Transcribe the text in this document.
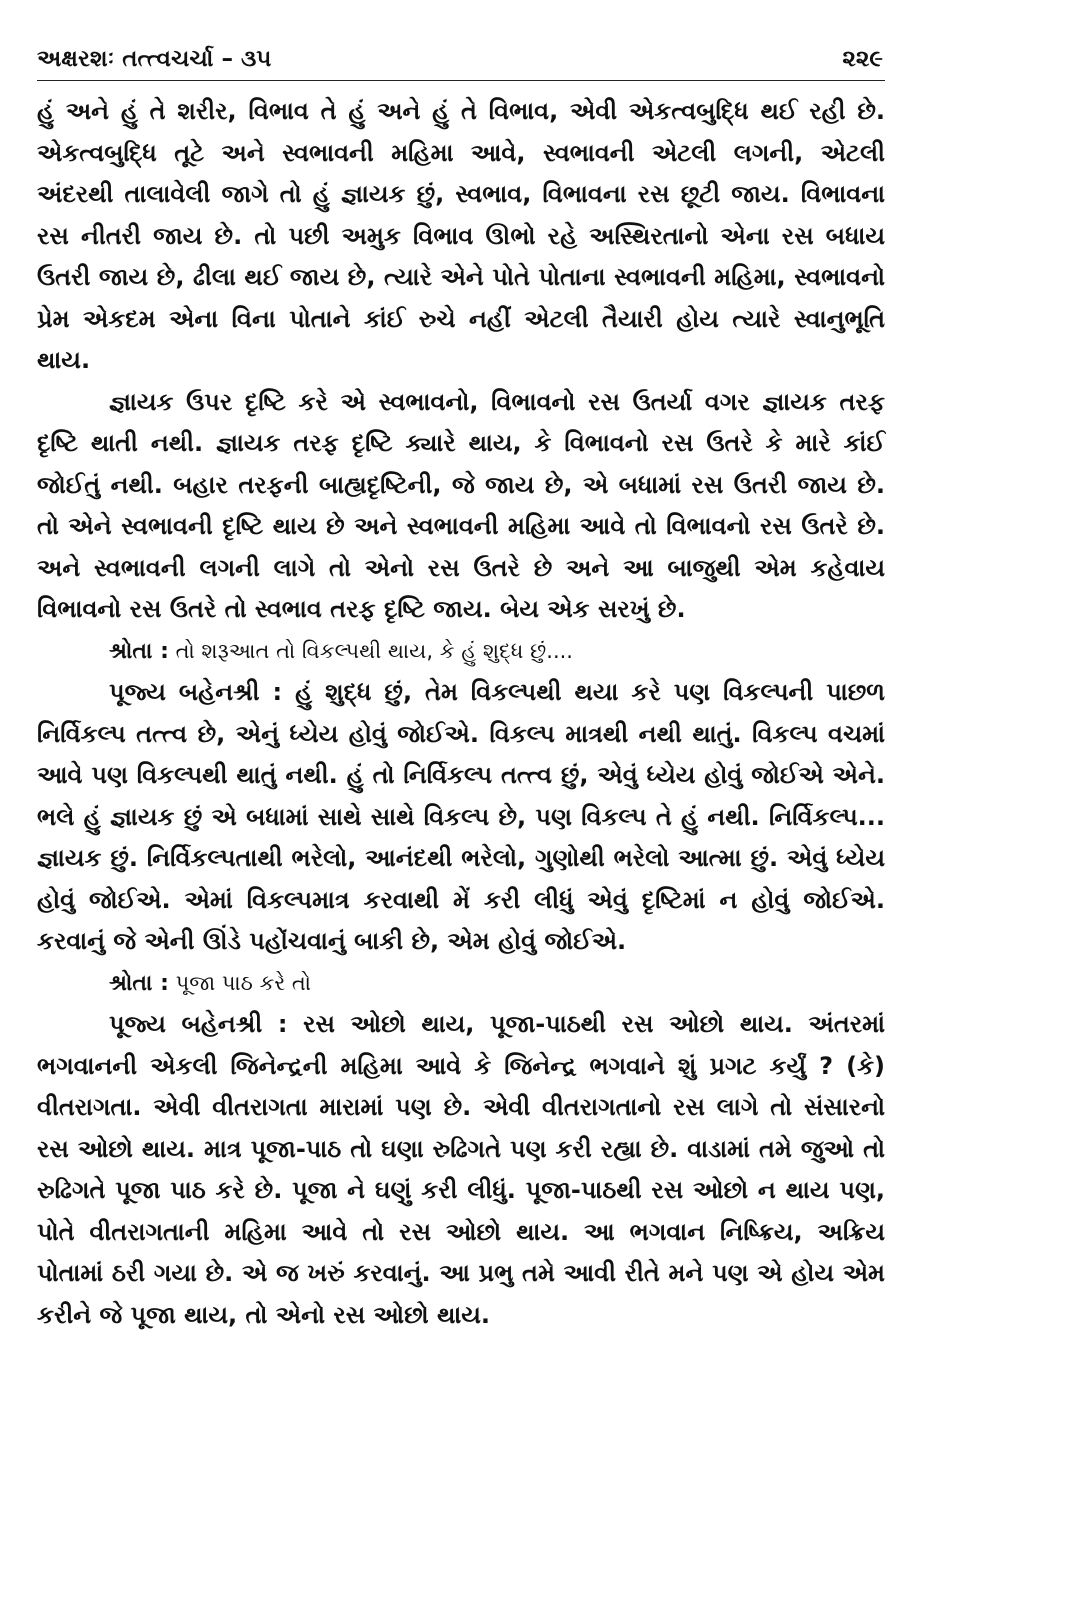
અક્ષરશઃ તત્ત્વચર્ચા – ૩૫	૨૨૯

હું અને હું તે શરીર, વિભાવ તે હું અને હું તે વિભાવ, એવી એકત્વબુદ્ધિ થઈ રહી છે. એકત્વબુદ્ધિ તૂટે અને સ્વભાવની મહિમા આવે, સ્વભાવની એટલી લગની, એટલી અંદરથી તાલાવેલી જાગે તો હું જ્ઞાયક છું, સ્વભાવ, વિભાવના રસ છૂટી જાય. વિભાવના રસ નીતરી જાય છે. તો પછી અમુક વિભાવ ઊભો રહે અસ્થિરતાનો એના રસ બધાય ઉતરી જાય છે, ઢીલા થઈ જાય છે, ત્યારે એને પોતે પોતાના સ્વભાવની મહિમા, સ્વભાવનો પ્રેમ એકદમ એના વિના પોતાને કાંઈ રુચે નહીં એટલી તૈયારી હોય ત્યારે સ્વાનુભૂતિ થાય.

જ્ઞાયક ઉપર દૃષ્ટિ કરે એ સ્વભાવનો, વિભાવનો રસ ઉતર્યા વગર જ્ઞાયક તરફ દૃષ્ટિ થાતી નથી. જ્ઞાયક તરફ દૃષ્ટિ ક્યારે થાય, કે વિભાવનો રસ ઉતરે કે મારે કાંઈ જોઈતું નથી. બહાર તરફની બાહ્યદૃષ્ટિની, જે જાય છે, એ બધામાં રસ ઉતરી જાય છે. તો એને સ્વભાવની દૃષ્ટિ થાય છે અને સ્વભાવની મહિમા આવે તો વિભાવનો રસ ઉતરે છે. અને સ્વભાવની લગની લાગે તો એનો રસ ઉતરે છે અને આ બાજુથી એમ કહેવાય વિભાવનો રસ ઉતરે તો સ્વભાવ તરફ દૃષ્ટિ જાય. બેય એક સરખું છે.

શ્રોતા : તો શરૂઆત તો વિકલ્પથી થાય, કે હું શુદ્ધ છું....

પૂજ્ય બહેનશ્રી : હું શુદ્ધ છું, તેમ વિકલ્પથી થયા કરે પણ વિકલ્પની પાછળ નિર્વિકલ્પ તત્ત્વ છે, એનું ધ્યેય હોવું જોઈએ. વિકલ્પ માત્રથી નથી થાતું. વિકલ્પ વચમાં આવે પણ વિકલ્પથી થાતું નથી. હું તો નિર્વિકલ્પ તત્ત્વ છું, એવું ધ્યેય હોવું જોઈએ એને. ભલે હું જ્ઞાયક છું એ બધામાં સાથે સાથે વિકલ્પ છે, પણ વિકલ્પ તે હું નથી. નિર્વિકલ્પ... જ્ઞાયક છું. નિર્વિકલ્પતાથી ભરેલો, આનંદથી ભરેલો, ગુણોથી ભરેલો આત્મા છું. એવું ધ્યેય હોવું જોઈએ. એમાં વિકલ્પમાત્ર કરવાથી મેં કરી લીધું એવું દૃષ્ટિમાં ન હોવું જોઈએ. કરવાનું જે એની ઊંડે પહોંચવાનું બાકી છે, એમ હોવું જોઈએ.

શ્રોતા : પૂજા પાઠ કરે તો

પૂજ્ય બહેનશ્રી : રસ ઓછો થાય, પૂજા-પાઠથી રસ ઓછો થાય. અંતરમાં ભગવાનની એકલી જિનેન્દ્રની મહિમા આવે કે જિનેન્દ્ર ભગવાને શું પ્રગટ કર્યું ? (કે) વીતરાગતા. એવી વીતરાગતા મારામાં પણ છે. એવી વીતરાગતાનો રસ લાગે તો સંસારનો રસ ઓછો થાય. માત્ર પૂજા-પાઠ તો ઘણા રુઢિગતે પણ કરી રહ્યા છે. વાડામાં તમે જુઓ તો રુઢિગતે પૂજા પાઠ કરે છે. પૂજા ને ઘણું કરી લીધું. પૂજા-પાઠથી રસ ઓછો ન થાય પણ, પોતે વીતરાગતાની મહિમા આવે તો રસ ઓછો થાય. આ ભગવાન નિષ્ક્રિય, અક્રિય પોતામાં ઠરી ગયા છે. એ જ ખરું કરવાનું. આ પ્રભુ તમે આવી રીતે મને પણ એ હોય એમ કરીને જે પૂજા થાય, તો એનો રસ ઓછો થાય.
